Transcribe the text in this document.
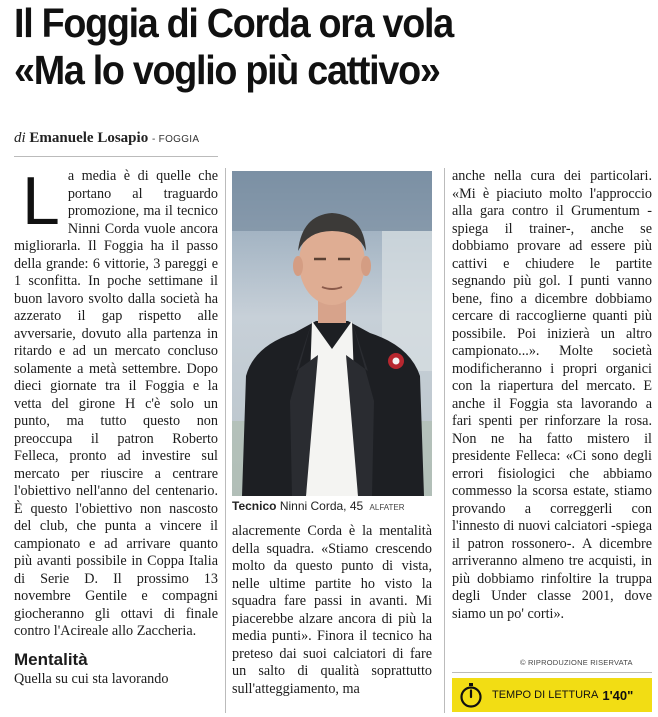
Il Foggia di Corda ora vola
«Ma lo voglio più cattivo»
di Emanuele Losapio - FOGGIA
L a media è di quelle che portano al traguardo promozione, ma il tecnico Ninni Corda vuole ancora migliorarla. Il Foggia ha il passo della grande: 6 vittorie, 3 pareggi e 1 sconfitta. In poche settimane il buon lavoro svolto dalla società ha azzerato il gap rispetto alle avversarie, dovuto alla partenza in ritardo e ad un mercato concluso solamente a metà settembre. Dopo dieci giornate tra il Foggia e la vetta del girone H c'è solo un punto, ma tutto questo non preoccupa il patron Roberto Felleca, pronto ad investire sul mercato per riuscire a centrare l'obiettivo nell'anno del centenario. È questo l'obiettivo non nascosto del club, che punta a vincere il campionato e ad arrivare quanto più avanti possibile in Coppa Italia di Serie D. Il prossimo 13 novembre Gentile e compagni giocheranno gli ottavi di finale contro l'Acireale allo Zaccheria.

Mentalità

Quella su cui sta lavorando

Tecnico Ninni Corda, 45 ALFATER

alacremente Corda è la mentalità della squadra. «Stiamo crescendo molto da questo punto di vista, nelle ultime partite ho visto la squadra fare passi in avanti. Mi piacerebbe alzare ancora di più la media punti». Finora il tecnico ha preteso dai suoi calciatori di fare un salto di qualità soprattutto sull'atteggiamento, ma

anche nella cura dei particolari. «Mi è piaciuto molto l'approccio alla gara contro il Grumentum -spiega il trainer-, anche se dobbiamo provare ad essere più cattivi e chiudere le partite segnando più gol. I punti vanno bene, fino a dicembre dobbiamo cercare di raccoglierne quanti più possibile. Poi inizierà un altro campionato...». Molte società modificheranno i propri organici con la riapertura del mercato. E anche il Foggia sta lavorando a fari spenti per rinforzare la rosa. Non ne ha fatto mistero il presidente Felleca: «Ci sono degli errori fisiologici che abbiamo commesso la scorsa estate, stiamo provando a correggerli con l'innesto di nuovi calciatori -spiega il patron rossonero-. A dicembre arriveranno almeno tre acquisti, in più dobbiamo rinfoltire la truppa degli Under classe 2001, dove siamo un po' corti».

© RIPRODUZIONE RISERVATA
TEMPO DI LETTURA 1'40"
